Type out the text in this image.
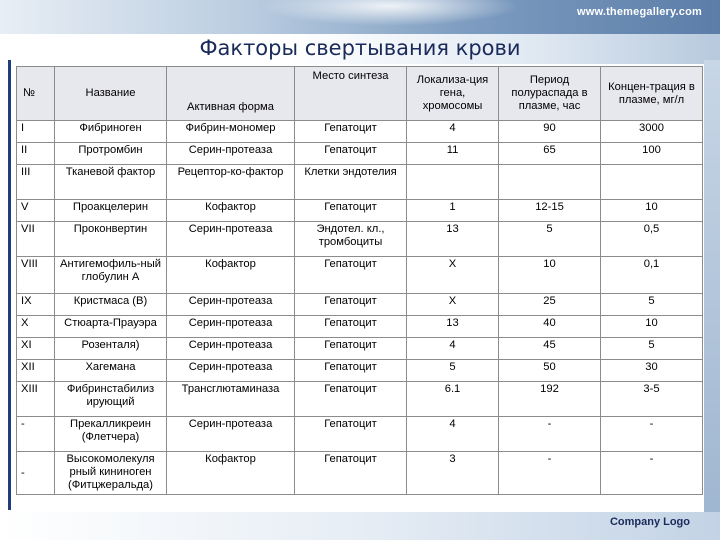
www.themegallery.com
Факторы свертывания крови
№	Название	Активная форма	Место синтеза	Локализа-ция гена, хромосомы	Период полураспада в плазме, час	Концен-трация в плазме, мг/л
I	Фибриноген	Фибрин-мономер	Гепатоцит	4	90	3000
II	Протромбин	Серин-протеаза	Гепатоцит	11	65	100
III	Тканевой фактор	Рецептор-ко-фактор	Клетки эндотелия			
V	Проакцелерин	Кофактор	Гепатоцит	1	12-15	10
VII	Проконвертин	Серин-протеаза	Эндотел. кл., тромбоциты	13	5	0,5
VIII	Антигемофиль-ный глобулин А	Кофактор	Гепатоцит	X	10	0,1
IX	Кристмаса (В)	Серин-протеаза	Гепатоцит	X	25	5
X	Стюарта-Прауэра	Серин-протеаза	Гепатоцит	13	40	10
XI	Розенталя)	Серин-протеаза	Гепатоцит	4	45	5
XII	Хагемана	Серин-протеаза	Гепатоцит	5	50	30
XIII	Фибринстабилиз ирующий	Трансглютаминаза	Гепатоцит	6.1	192	3-5
-	Прекалликреин (Флетчера)	Серин-протеаза	Гепатоцит	4	-	-
-	Высокомолекуля рный кининоген (Фитцжеральда)	Кофактор	Гепатоцит	3	-	-
Company Logo
